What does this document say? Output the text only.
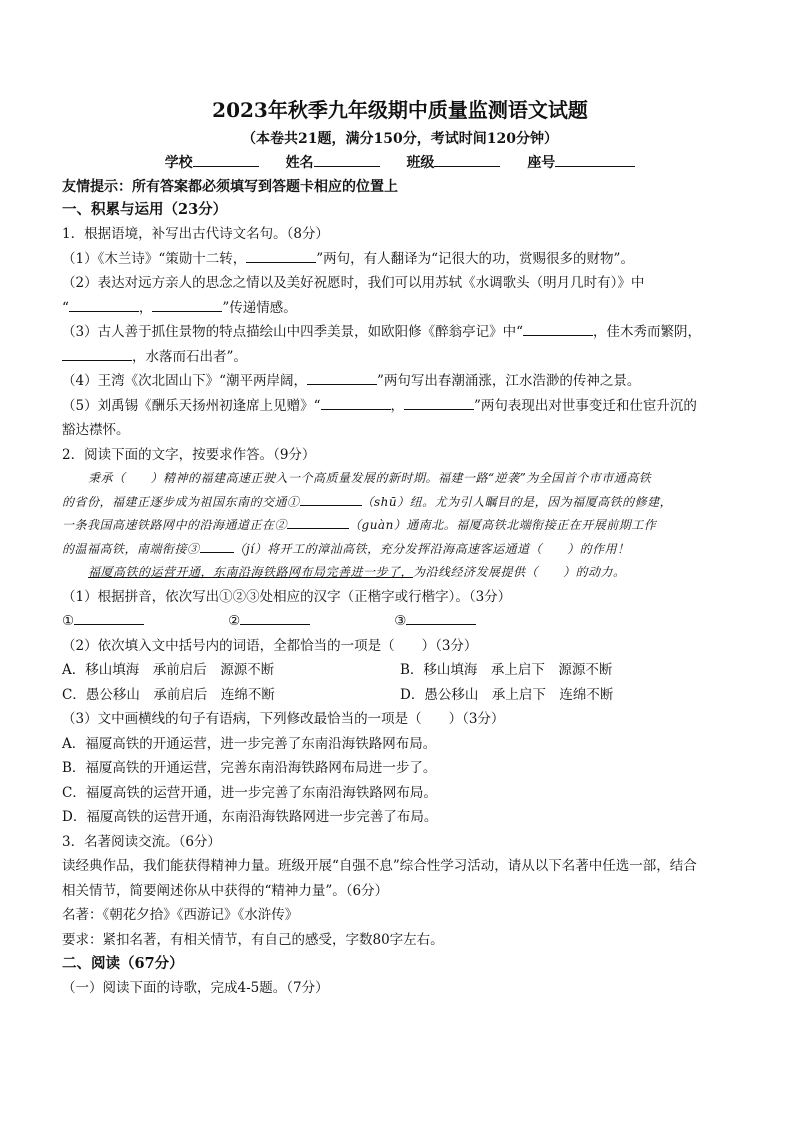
2023年秋季九年级期中质量监测语文试题
（本卷共21题，满分150分，考试时间120分钟）
学校	姓名	班级	座号
友情提示：所有答案都必须填写到答题卡相应的位置上
一、积累与运用（23分）
1．根据语境，补写出古代诗文名句。（8分）
（1）《木兰诗》“策勋十二转，	”两句，有人翻译为“记很大的功，赏赐很多的财物”。
（2）表达对远方亲人的思念之情以及美好祝愿时，我们可以用苏轼《水调歌头（明月几时有）》中
“	，	”传递情感。
（3）古人善于抓住景物的特点描绘山中四季美景，如欧阳修《醉翁亭记》中“	，佳木秀而繁阴，
，水落而石出者”。
（4）王湾《次北固山下》“潮平两岸阔，	”两句写出春潮涌涨，江水浩渺的传神之景。
（5）刘禹锡《酬乐天扬州初逢席上见赠》“	，	”两句表现出对世事变迁和仕宦升沉的
豁达襟怀。
2．阅读下面的文字，按要求作答。（9分）
秉承（　　）精神的福建高速正驶入一个高质量发展的新时期。福建一路“逆袭”为全国首个市市通高铁
的省份，福建正逐步成为祖国东南的交通①	（shū）纽。尤为引人瞩目的是，因为福厦高铁的修建，
一条我国高速铁路网中的沿海通道正在②	（guàn）通南北。福厦高铁北端衔接正在开展前期工作
的温福高铁，南端衔接③	（jí）将开工的漳汕高铁，充分发挥沿海高速客运通道（　　）的作用！
福厦高铁的运营开通，东南沿海铁路网布局完善进一步了，为沿线经济发展提供（　　）的动力。
（1）根据拼音，依次写出①②③处相应的汉字（正楷字或行楷字）。（3分）
①	②	③
（2）依次填入文中括号内的词语，全都恰当的一项是（　　）（3分）
A．移山填海　承前启后　源源不断	B．移山填海　承上启下　源源不断
C．愚公移山　承前启后　连绵不断	D．愚公移山　承上启下　连绵不断
（3）文中画横线的句子有语病，下列修改最恰当的一项是（　　）（3分）
A．福厦高铁的开通运营，进一步完善了东南沿海铁路网布局。
B．福厦高铁的开通运营，完善东南沿海铁路网布局进一步了。
C．福厦高铁的运营开通，进一步完善了东南沿海铁路网布局。
D．福厦高铁的运营开通，东南沿海铁路网进一步完善了布局。
3．名著阅读交流。（6分）
读经典作品，我们能获得精神力量。班级开展“自强不息”综合性学习活动，请从以下名著中任选一部，结合
相关情节，简要阐述你从中获得的“精神力量”。（6分）
名著：《朝花夕拾》《西游记》《水浒传》
要求：紧扣名著，有相关情节，有自己的感受，字数80字左右。
二、阅读（67分）
（一）阅读下面的诗歌，完成4-5题。（7分）
